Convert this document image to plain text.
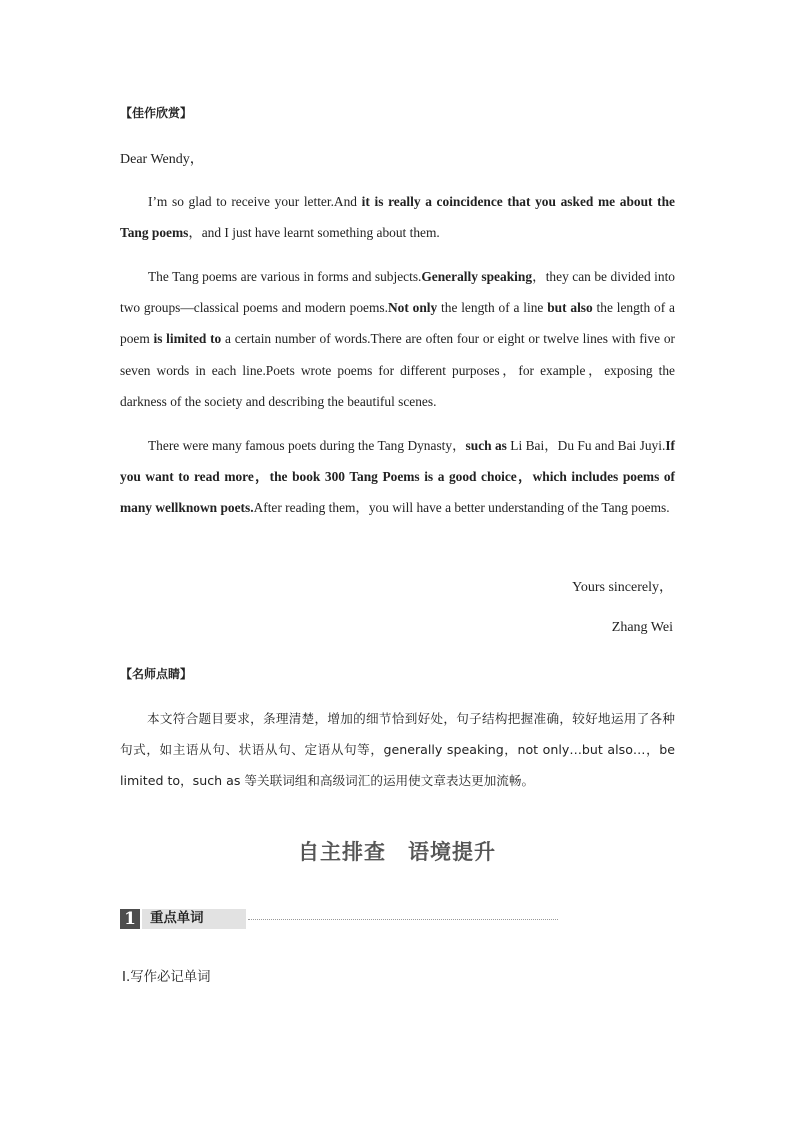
【佳作欣赏】
Dear Wendy，

I’m so glad to receive your letter.And it is really a coincidence that you asked me about the Tang poems，and I just have learnt something about them.

The Tang poems are various in forms and subjects.Generally speaking，they can be divided into two groups—classical poems and modern poems.Not only the length of a line but also the length of a poem is limited to a certain number of words.There are often four or eight or twelve lines with five or seven words in each line.Poets wrote poems for different purposes，for example，exposing the darkness of the society and describing the beautiful scenes.

There were many famous poets during the Tang Dynasty，such as Li Bai，Du Fu and Bai Juyi.If you want to read more，the book 300 Tang Poems is a good choice，which includes poems of many wellknown poets.After reading them，you will have a better understanding of the Tang poems.

Yours sincerely，
Zhang Wei
【名师点睛】

本文符合题目要求，条理清楚，增加的细节恰到好处，句子结构把握准确，较好地运用了各种句式，如主语从句、状语从句、定语从句等，generally speaking，not only…but also…，be limited to，such as 等关联词组和高级词汇的运用使文章表达更加流畅。

自主排查　语境提升
1	重点单词
Ⅰ.写作必记单词
